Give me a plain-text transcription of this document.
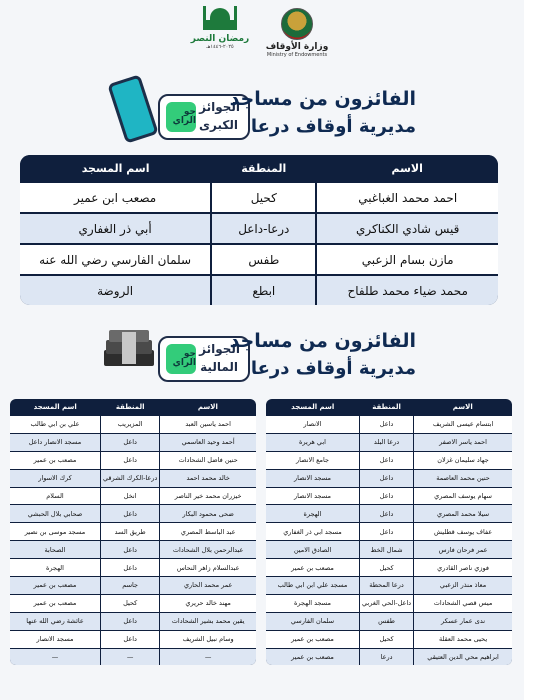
وزارة الأوقاف
Ministry of Endowments
رمضان النصر
٢٠٢٥-١٤٤٦هـ
الجوائز
الكبرى
جو الراي
الفائزون من مساجد
مديرية أوقاف درعا
الاسم	المنطقة	اسم المسجد
احمد محمد الغباغبي	كحيل	مصعب ابن عمير
قيس شادي الكناكري	درعا-داعل	أبي ذر الغفاري
مازن بسام الزعبي	طفس	سلمان الفارسي رضي الله عنه
محمد ضياء محمد طلفاح	ابطع	الروضة
الجوائز
المالية
جو الراي
الفائزون من مساجد
مديرية أوقاف درعا
الاسم	المنطقة	اسم المسجد
ابتسام عيسى الشريف	داعل	الانصار
احمد ياسر الاصفر	درعا البلد	ابي هريرة
جهاد سليمان غزلان	داعل	جامع الانصار
حنين محمد العاصمة	داعل	مسجد الانصار
سهام يوسف المصري	داعل	مسجد الانصار
سيلا محمد المصري	داعل	الهجرة
عفاف يوسف قطليش	داعل	مسجد ابي ذر الغفاري
عمر فرحان فارس	شمال الخط	الصادق الامين
فوزي ناصر القادري	كحيل	مصعب بن عمير
معاذ منذر الزعبي	درعا المحطة	مسجد علي ابن ابي طالب
ميس قصي الشحادات	داعل-الحي الغربي	مسجد الهجرة
ندى عمار عسكر	طفس	سلمان الفارسي
يحيى محمد العقلة	كحيل	مصعب بن عمير
ابراهيم محي الدين العتيقي	درعا	مصعب بن عمير
الاسم	المنطقة	اسم المسجد
احمد ياسين العبد	المزيريب	علي بن ابي طالب
أحمد وحيد العاسمي	داعل	مسجد الانصار داعل
حنين فاضل الشحادات	داعل	مصعب بن عمير
خالد محمد احمد	درعا-الكرك الشرقي	كرك الاسوار
خيزران محمد خير الناصر	انخل	السلام
ضحى محمود البكار	داعل	صحابي بلال الحبشي
عبد الباسط المصري	طريق السد	مسجد موسى بن نصير
عبدالرحمن بلال الشحادات	داعل	الصحابة
عبدالسلام زاهر النحاس	داعل	الهجرة
عمر محمد الحاري	جاسم	مصعب بن عمير
مهند خالد حريري	كحيل	مصعب بن عمير
يقين محمد بشير الشحادات	داعل	عائشة رضي الله عنها
وسام نبيل الشريف	داعل	مسجد الانصار
—	—	—
